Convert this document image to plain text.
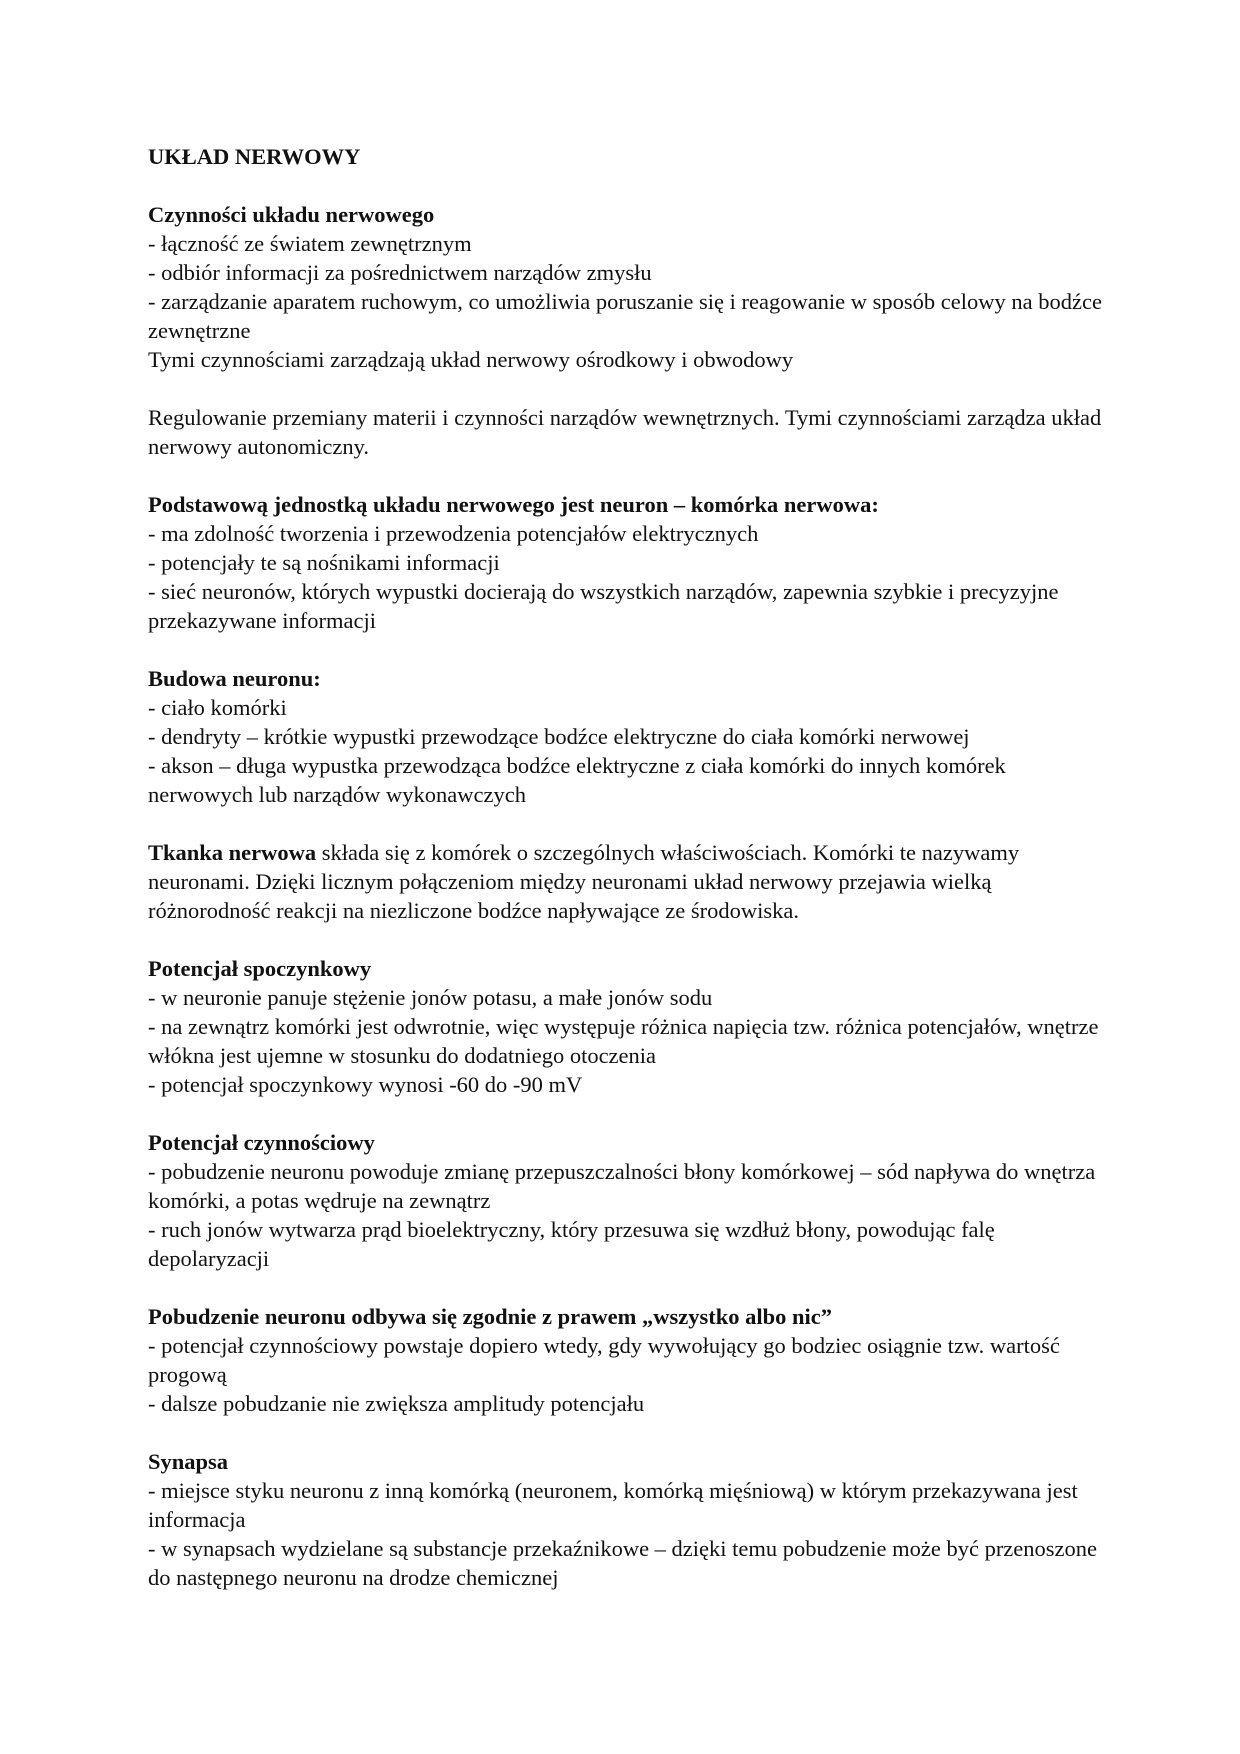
UKŁAD NERWOWY
Czynności układu nerwowego
- łączność ze światem zewnętrznym
- odbiór informacji za pośrednictwem narządów zmysłu
- zarządzanie aparatem ruchowym, co umożliwia poruszanie się i reagowanie w sposób celowy na bodźce zewnętrzne
Tymi czynnościami zarządzają układ nerwowy ośrodkowy i obwodowy
Regulowanie przemiany materii i czynności narządów wewnętrznych. Tymi czynnościami zarządza układ nerwowy autonomiczny.
Podstawową jednostką układu nerwowego jest neuron – komórka nerwowa:
- ma zdolność tworzenia i przewodzenia potencjałów elektrycznych
- potencjały te są nośnikami informacji
- sieć neuronów, których wypustki docierają do wszystkich narządów, zapewnia szybkie i precyzyjne przekazywane informacji
Budowa neuronu:
- ciało komórki
- dendryty – krótkie wypustki przewodzące bodźce elektryczne do ciała komórki nerwowej
- akson – długa wypustka przewodząca bodźce elektryczne z ciała komórki do innych komórek nerwowych lub narządów wykonawczych
Tkanka nerwowa składa się z komórek o szczególnych właściwościach. Komórki te nazywamy neuronami. Dzięki licznym połączeniom między neuronami układ nerwowy przejawia wielką różnorodność reakcji na niezliczone bodźce napływające ze środowiska.
Potencjał spoczynkowy
- w neuronie panuje stężenie jonów potasu, a małe jonów sodu
- na zewnątrz komórki jest odwrotnie, więc występuje różnica napięcia tzw. różnica potencjałów, wnętrze włókna jest ujemne w stosunku do dodatniego otoczenia
- potencjał spoczynkowy wynosi -60 do -90 mV
Potencjał czynnościowy
- pobudzenie neuronu powoduje zmianę przepuszczalności błony komórkowej – sód napływa do wnętrza komórki, a potas wędruje na zewnątrz
- ruch jonów wytwarza prąd bioelektryczny, który przesuwa się wzdłuż błony, powodując falę depolaryzacji
Pobudzenie neuronu odbywa się zgodnie z prawem „wszystko albo nic”
- potencjał czynnościowy powstaje dopiero wtedy, gdy wywołujący go bodziec osiągnie tzw. wartość progową
- dalsze pobudzanie nie zwiększa amplitudy potencjału
Synapsa
- miejsce styku neuronu z inną komórką (neuronem, komórką mięśniową) w którym przekazywana jest informacja
- w synapsach wydzielane są substancje przekaźnikowe – dzięki temu pobudzenie może być przenoszone do następnego neuronu na drodze chemicznej
